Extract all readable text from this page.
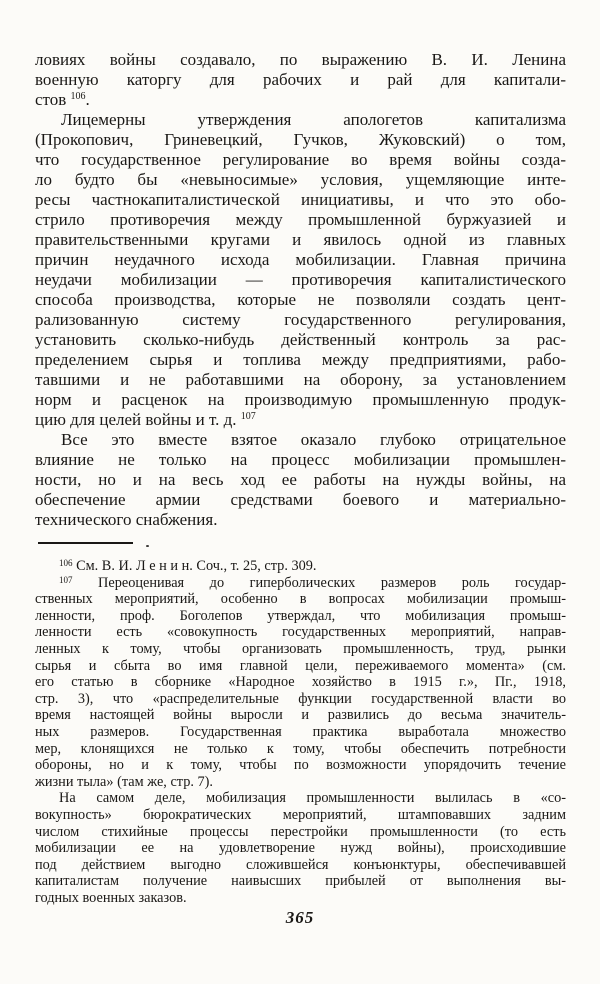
ловиях войны создавало, по выражению В. И. Ленина
военную каторгу для рабочих и рай для капитали-
стов $^{106}$.
Лицемерны утверждения апологетов капитализма
(Прокопович, Гриневецкий, Гучков, Жуковский) о том,
что государственное регулирование во время войны созда-
ло будто бы «невыносимые» условия, ущемляющие инте-
ресы частнокапиталистической инициативы, и что это обо-
стрило противоречия между промышленной буржуазией и
правительственными кругами и явилось одной из главных
причин неудачного исхода мобилизации. Главная причина
неудачи мобилизации — противоречия капиталистического
способа производства, которые не позволяли создать цент-
рализованную систему государственного регулирования,
установить сколько-нибудь действенный контроль за рас-
пределением сырья и топлива между предприятиями, рабо-
тавшими и не работавшими на оборону, за установлением
норм и расценок на производимую промышленную продук-
цию для целей войны и т. д. $^{107}$
Все это вместе взятое оказало глубоко отрицательное
влияние не только на процесс мобилизации промышлен-
ности, но и на весь ход ее работы на нужды войны, на
обеспечение армии средствами боевого и материально-
технического снабжения.
$^{106}$ См. В. И. Л е н и н. Соч., т. 25, стр. 309.
$^{107}$ Переоценивая до гиперболических размеров роль государ-
ственных мероприятий, особенно в вопросах мобилизации промыш-
ленности, проф. Боголепов утверждал, что мобилизация промыш-
ленности есть «совокупность государственных мероприятий, направ-
ленных к тому, чтобы организовать промышленность, труд, рынки
сырья и сбыта во имя главной цели, переживаемого момента» (см.
его статью в сборнике «Народное хозяйство в 1915 г.», Пг., 1918,
стр. 3), что «распределительные функции государственной власти во
время настоящей войны выросли и развились до весьма значитель-
ных размеров. Государственная практика выработала множество
мер, клонящихся не только к тому, чтобы обеспечить потребности
обороны, но и к тому, чтобы по возможности упорядочить течение
жизни тыла» (там же, стр. 7).
На самом деле, мобилизация промышленности вылилась в «со-
вокупность» бюрократических мероприятий, штамповавших задним
числом стихийные процессы перестройки промышленности (то есть
мобилизации ее на удовлетворение нужд войны), происходившие
под действием выгодно сложившейся конъюнктуры, обеспечивавшей
капиталистам получение наивысших прибылей от выполнения вы-
годных военных заказов.
365
